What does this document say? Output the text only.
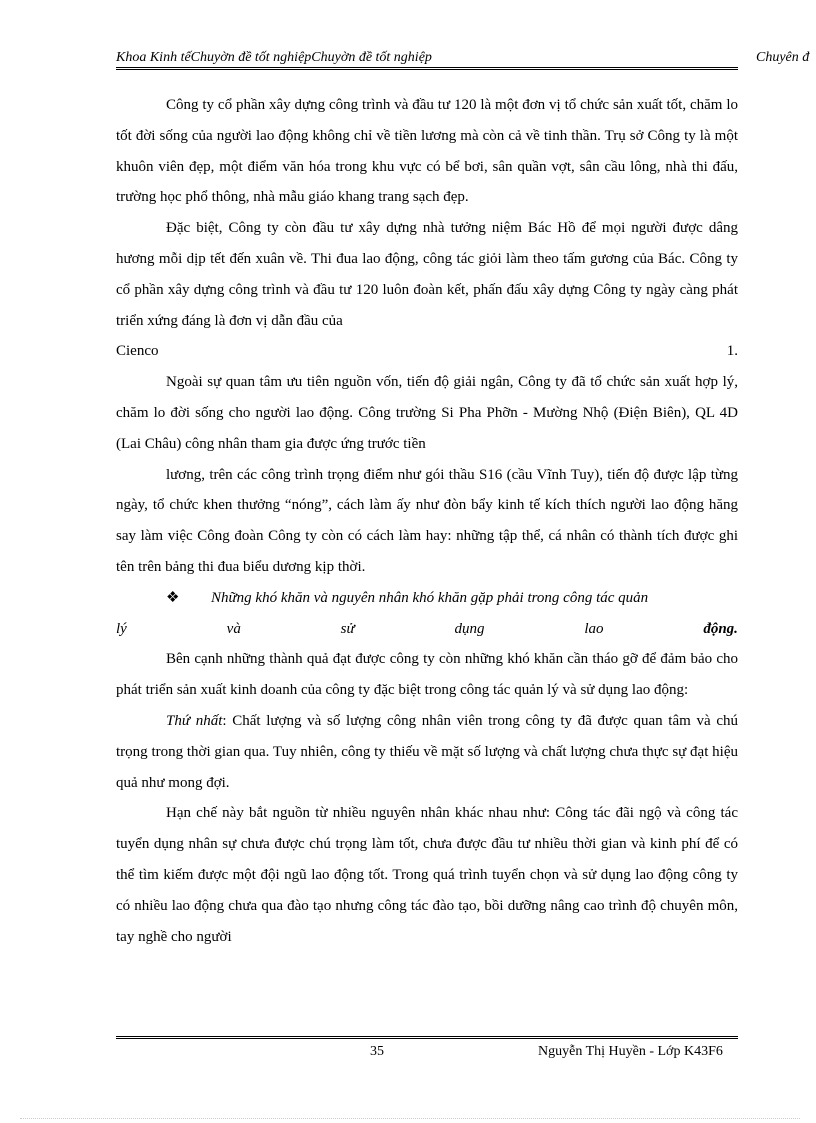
Khoa Kinh tếChuyờn đề tốt nghiệpChuyờn đề tốt nghiệp	Chuyên đ

Công ty cổ phần xây dựng công trình và đầu tư 120 là một đơn vị tổ chức sản xuất tốt, chăm lo tốt đời sống của người lao động không chỉ về tiền lương mà còn cả về tinh thần. Trụ sở Công ty là một khuôn viên đẹp, một điểm văn hóa trong khu vực có bể bơi, sân quần vợt, sân cầu lông, nhà thi đấu, trường học phổ thông, nhà mẫu giáo khang trang sạch đẹp.

Đặc biệt, Công ty còn đầu tư xây dựng nhà tưởng niệm Bác Hồ để mọi người được dâng hương mỗi dịp tết đến xuân về. Thi đua lao động, công tác giỏi làm theo tấm gương của Bác. Công ty cổ phần xây dựng công trình và đầu tư 120 luôn đoàn kết, phấn đấu xây dựng Công ty ngày càng phát triển xứng đáng là đơn vị dẫn đầu của

Cienco	1.

Ngoài sự quan tâm ưu tiên nguồn vốn, tiến độ giải ngân, Công ty đã tổ chức sản xuất hợp lý, chăm lo đời sống cho người lao động. Công trường Si Pha Phỡn - Mường Nhộ (Điện Biên), QL 4D (Lai Châu) công nhân tham gia được ứng trước tiền

lương, trên các công trình trọng điểm như gói thầu S16 (cầu Vĩnh Tuy), tiến độ được lập từng ngày, tổ chức khen thưởng “nóng”, cách làm ấy như đòn bẩy kinh tế kích thích người lao động hăng say làm việc Công đoàn Công ty còn có cách làm hay: những tập thể, cá nhân có thành tích được ghi tên trên bảng thi đua biểu dương kịp thời.

❖	Những khó khăn và nguyên nhân khó khăn gặp phải trong công tác quản
lý	và	sử	dụng	lao	động.

Bên cạnh những thành quả đạt được công ty còn những khó khăn cần tháo gỡ để đảm bảo cho phát triển sản xuất kinh doanh của công ty đặc biệt trong công tác quản lý và sử dụng lao động:

Thứ nhất: Chất lượng và số lượng công nhân viên trong công ty đã được quan tâm và chú trọng trong thời gian qua. Tuy nhiên, công ty thiếu về mặt số lượng và chất lượng chưa thực sự đạt hiệu quả như mong đợi.

Hạn chế này bắt nguồn từ nhiều nguyên nhân khác nhau như: Công tác đãi ngộ và công tác tuyển dụng nhân sự chưa được chú trọng làm tốt, chưa được đầu tư nhiều thời gian và kinh phí để có thể tìm kiếm được một đội ngũ lao động tốt. Trong quá trình tuyển chọn và sử dụng lao động công ty có nhiều lao động chưa qua đào tạo nhưng công tác đào tạo, bồi dưỡng nâng cao trình độ chuyên môn, tay nghề cho người

35	Nguyễn Thị Huyền - Lớp K43F6
